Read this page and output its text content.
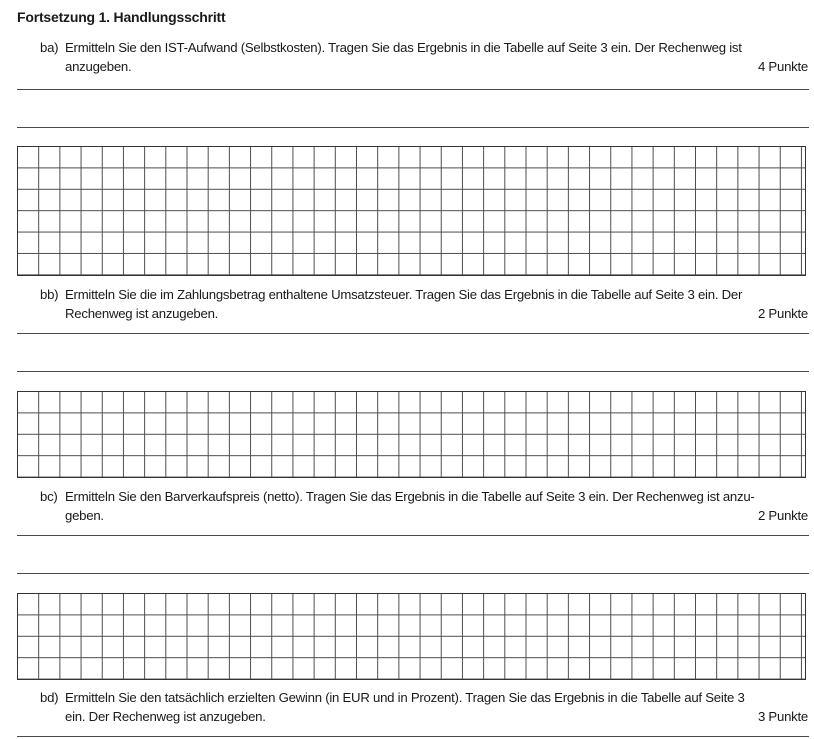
Fortsetzung 1. Handlungsschritt
ba) Ermitteln Sie den IST-Aufwand (Selbstkosten). Tragen Sie das Ergebnis in die Tabelle auf Seite 3 ein. Der Rechenweg ist
anzugeben.	4 Punkte
bb) Ermitteln Sie die im Zahlungsbetrag enthaltene Umsatzsteuer. Tragen Sie das Ergebnis in die Tabelle auf Seite 3 ein. Der
Rechenweg ist anzugeben.	2 Punkte
bc) Ermitteln Sie den Barverkaufspreis (netto). Tragen Sie das Ergebnis in die Tabelle auf Seite 3 ein. Der Rechenweg ist anzu-
geben.	2 Punkte
bd) Ermitteln Sie den tatsächlich erzielten Gewinn (in EUR und in Prozent). Tragen Sie das Ergebnis in die Tabelle auf Seite 3
ein. Der Rechenweg ist anzugeben.	3 Punkte
